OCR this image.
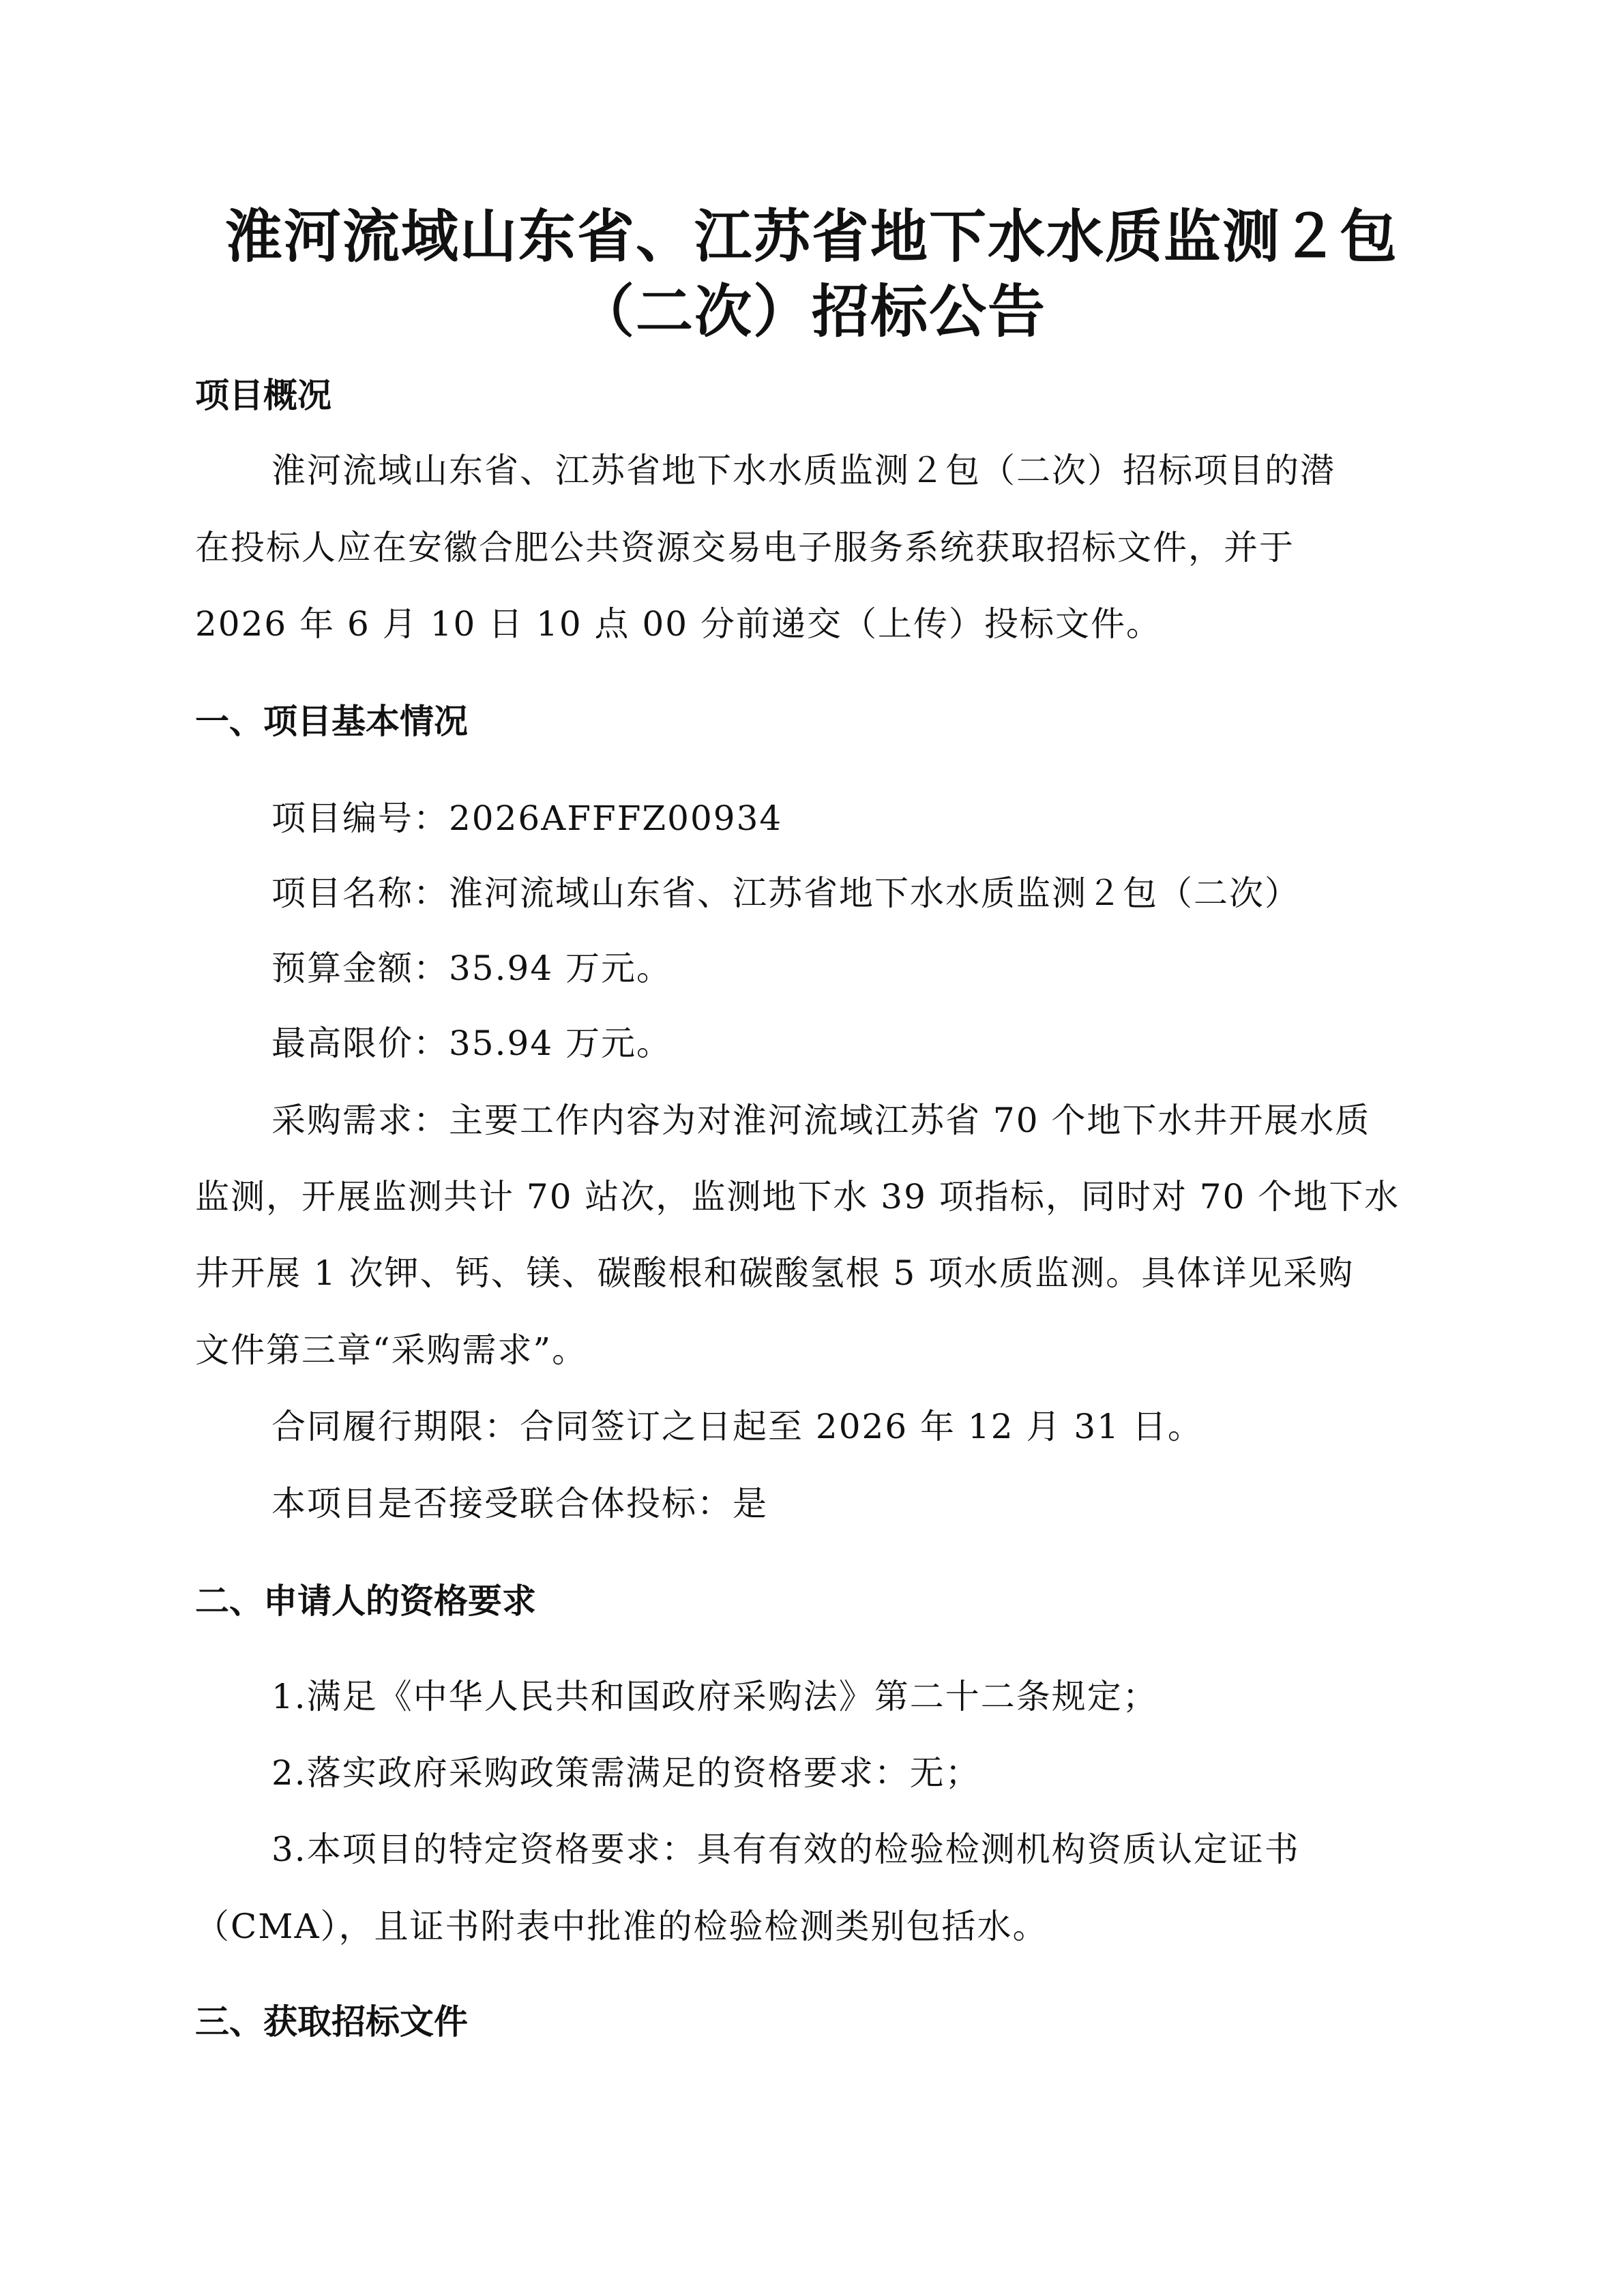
淮河流域山东省、江苏省地下水水质监测２包
（二次）招标公告
项目概况

淮河流域山东省、江苏省地下水水质监测２包（二次）招标项目的潜

在投标人应在安徽合肥公共资源交易电子服务系统获取招标文件，并于

2026 年 6 月 10 日 10 点 00 分前递交（上传）投标文件。

一、项目基本情况

项目编号：2026AFFFZ00934

项目名称：淮河流域山东省、江苏省地下水水质监测２包（二次）

预算金额：35.94 万元。

最高限价：35.94 万元。

采购需求：主要工作内容为对淮河流域江苏省 70 个地下水井开展水质

监测，开展监测共计 70 站次，监测地下水 39 项指标，同时对 70 个地下水

井开展 1 次钾、钙、镁、碳酸根和碳酸氢根 5 项水质监测。具体详见采购

文件第三章“采购需求”。

合同履行期限：合同签订之日起至 2026 年 12 月 31 日。

本项目是否接受联合体投标：是

二、申请人的资格要求

1.满足《中华人民共和国政府采购法》第二十二条规定；

2.落实政府采购政策需满足的资格要求：无；

3.本项目的特定资格要求：具有有效的检验检测机构资质认定证书

（CMA），且证书附表中批准的检验检测类别包括水。

三、获取招标文件
